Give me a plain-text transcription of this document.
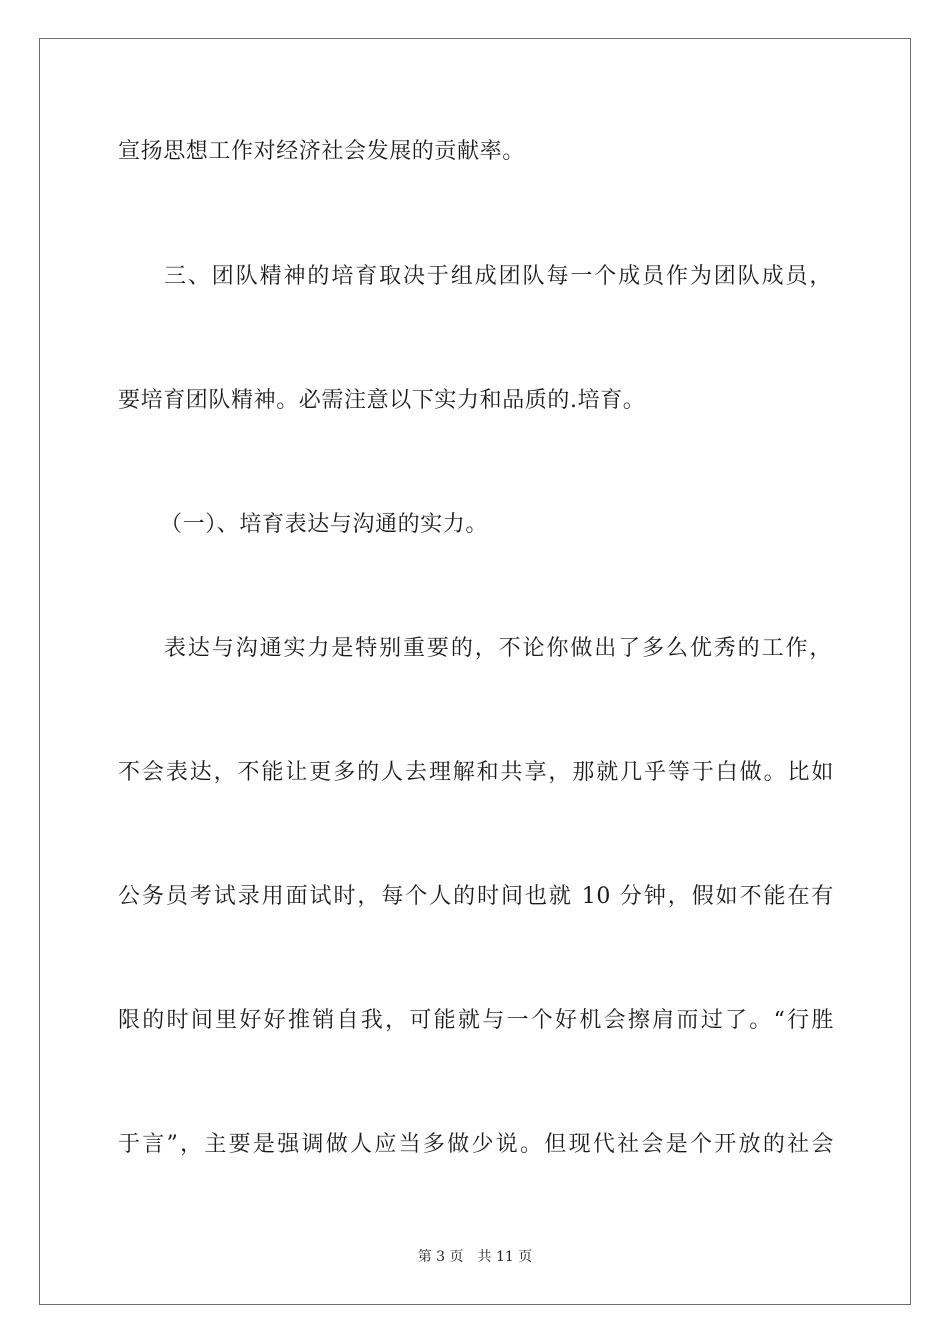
宣扬思想工作对经济社会发展的贡献率。
三、团队精神的培育取决于组成团队每一个成员作为团队成员，
要培育团队精神。必需注意以下实力和品质的.培育。
（一）、培育表达与沟通的实力。
表达与沟通实力是特别重要的，不论你做出了多么优秀的工作，
不会表达，不能让更多的人去理解和共享，那就几乎等于白做。比如
公务员考试录用面试时，每个人的时间也就 10 分钟，假如不能在有
限的时间里好好推销自我，可能就与一个好机会擦肩而过了。“行胜
于言”，主要是强调做人应当多做少说。但现代社会是个开放的社会
第 3 页 共 11 页
